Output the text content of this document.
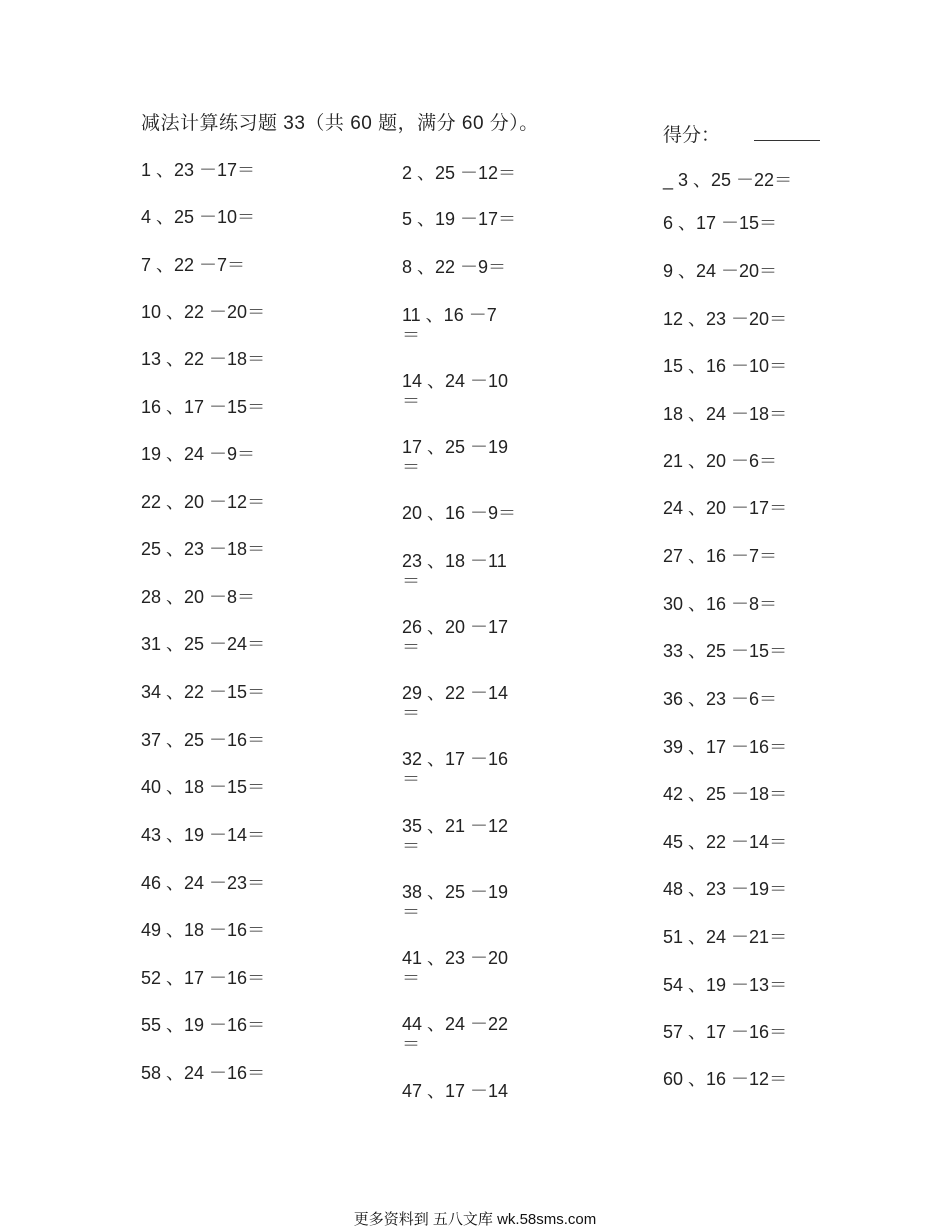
减法计算练习题 33（共 60 题，满分 60 分）。
得分：
1 、23 －17＝
4 、25 －10＝
7 、22 －7＝
10 、22 －20＝
13 、22 －18＝
16 、17 －15＝
19 、24 －9＝
22 、20 －12＝
25 、23 －18＝
28 、20 －8＝
31 、25 －24＝
34 、22 －15＝
37 、25 －16＝
40 、18 －15＝
43 、19 －14＝
46 、24 －23＝
49 、18 －16＝
52 、17 －16＝
55 、19 －16＝
58 、24 －16＝
2 、25 －12＝
5 、19 －17＝
8 、22 －9＝
11 、16 －7 ＝
14 、24 －10 ＝
17 、25 －19 ＝
20 、16 －9＝
23 、18 －11 ＝
26 、20 －17 ＝
29 、22 －14 ＝
32 、17 －16 ＝
35 、21 －12 ＝
38 、25 －19 ＝
41 、23 －20 ＝
44 、24 －22 ＝
47 、17 －14
_ 3 、25 －22＝
6 、17 －15＝
9 、24 －20＝
12 、23 －20＝
15 、16 －10＝
18 、24 －18＝
21 、20 －6＝
24 、20 －17＝
27 、16 －7＝
30 、16 －8＝
33 、25 －15＝
36 、23 －6＝
39 、17 －16＝
42 、25 －18＝
45 、22 －14＝
48 、23 －19＝
51 、24 －21＝
54 、19 －13＝
57 、17 －16＝
60 、16 －12＝
更多资料到 五八文库 wk.58sms.com
